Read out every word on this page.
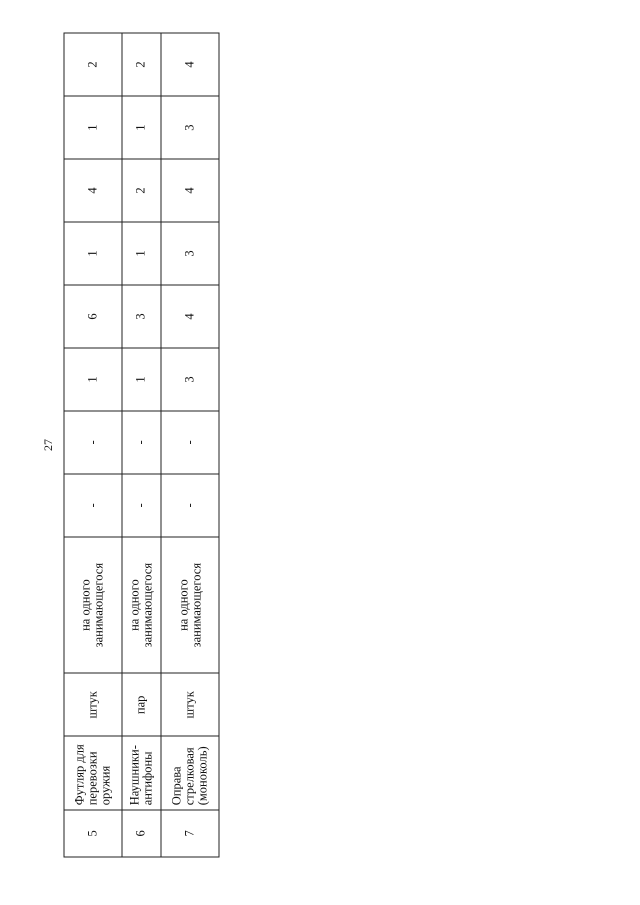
27
5	Футляр для перевозки оружия	штук	на одного занимающегося	-	-	1	6	1	4	1	2
6	Наушники-антифоны	пар	на одного занимающегося	-	-	1	3	1	2	1	2
7	Оправа стрелковая (моноколь)	штук	на одного занимающегося	-	-	3	4	3	4	3	4
